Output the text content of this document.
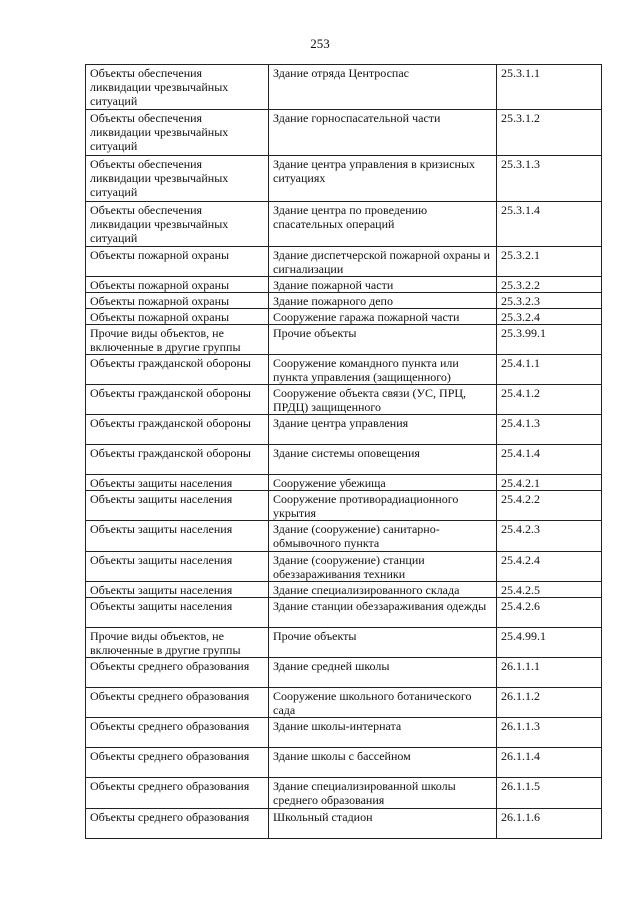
253
Объекты обеспечения ликвидации чрезвычайных ситуаций	Здание отряда Центроспас	25.3.1.1
Объекты обеспечения ликвидации чрезвычайных ситуаций	Здание горноспасательной части	25.3.1.2
Объекты обеспечения ликвидации чрезвычайных ситуаций	Здание центра управления в кризисных ситуациях	25.3.1.3
Объекты обеспечения ликвидации чрезвычайных ситуаций	Здание центра по проведению спасательных операций	25.3.1.4
Объекты пожарной охраны	Здание диспетчерской пожарной охраны и сигнализации	25.3.2.1
Объекты пожарной охраны	Здание пожарной части	25.3.2.2
Объекты пожарной охраны	Здание пожарного депо	25.3.2.3
Объекты пожарной охраны	Сооружение гаража пожарной части	25.3.2.4
Прочие виды объектов, не включенные в другие группы	Прочие объекты	25.3.99.1
Объекты гражданской обороны	Сооружение командного пункта или пункта управления (защищенного)	25.4.1.1
Объекты гражданской обороны	Сооружение объекта связи (УС, ПРЦ, ПРДЦ) защищенного	25.4.1.2
Объекты гражданской обороны	Здание центра управления	25.4.1.3
Объекты гражданской обороны	Здание системы оповещения	25.4.1.4
Объекты защиты населения	Сооружение убежища	25.4.2.1
Объекты защиты населения	Сооружение противорадиационного укрытия	25.4.2.2
Объекты защиты населения	Здание (сооружение) санитарно-обмывочного пункта	25.4.2.3
Объекты защиты населения	Здание (сооружение) станции обеззараживания техники	25.4.2.4
Объекты защиты населения	Здание специализированного склада	25.4.2.5
Объекты защиты населения	Здание станции обеззараживания одежды	25.4.2.6
Прочие виды объектов, не включенные в другие группы	Прочие объекты	25.4.99.1
Объекты среднего образования	Здание средней школы	26.1.1.1
Объекты среднего образования	Сооружение школьного ботанического сада	26.1.1.2
Объекты среднего образования	Здание школы-интерната	26.1.1.3
Объекты среднего образования	Здание школы с бассейном	26.1.1.4
Объекты среднего образования	Здание специализированной школы среднего образования	26.1.1.5
Объекты среднего образования	Школьный стадион	26.1.1.6
